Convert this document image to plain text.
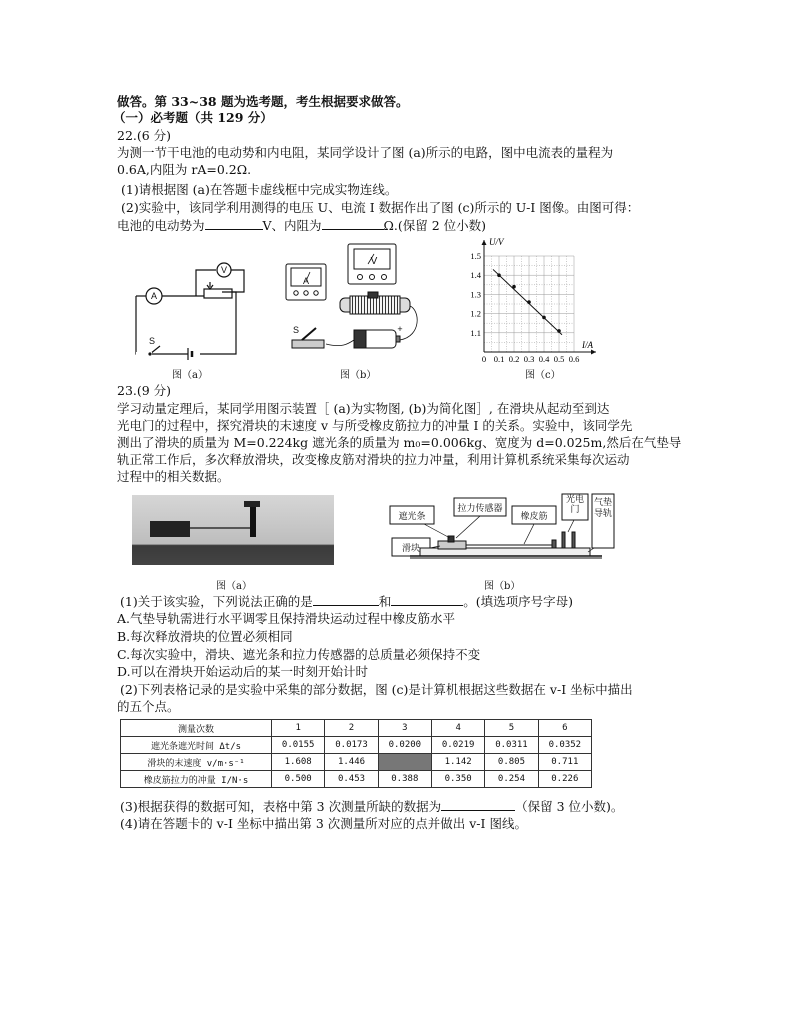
做答。第 33~38 题为选考题，考生根据要求做答。
（一）必考题（共 129 分）
22.(6 分)
为测一节干电池的电动势和内电阻，某同学设计了图 (a)所示的电路，图中电流表的量程为
0.6A,内阻为 rA=0.2Ω.
(1)请根据图 (a)在答题卡虚线框中完成实物连线。
(2)实验中，该同学利用测得的电压 U、电流 I 数据作出了图 (c)所示的 U-I 图像。由图可得：
电池的电动势为	V、内阻为	Ω.(保留 2 位小数)
A
V
S
图（a）
V
A
S	+
图（b）
U/V
I/A
0 0.1 0.2 0.3 0.4 0.5 0.6
1.5
1.4
1.3
1.2
1.1
图（c）
23.(9 分)
学习动量定理后，某同学用图示装置［ (a)为实物图, (b)为简化图］, 在滑块从起动至到达
光电门的过程中，探究滑块的末速度 v 与所受橡皮筋拉力的冲量 I 的关系。实验中，该同学先
测出了滑块的质量为 M=0.224kg 遮光条的质量为 m₀=0.006kg、宽度为 d=0.025m,然后在气垫导
轨正常工作后，多次释放滑块，改变橡皮筋对滑块的拉力冲量，利用计算机系统采集每次运动
过程中的相关数据。
图（a）
遮光条
拉力传感器
橡皮筋
滑块
光电门
气垫导轨
图（b）
(1)关于该实验，下列说法正确的是	和	。(填选项序号字母)
A.气垫导轨需进行水平调零且保持滑块运动过程中橡皮筋水平
B.每次释放滑块的位置必须相同
C.每次实验中，滑块、遮光条和拉力传感器的总质量必须保持不变
D.可以在滑块开始运动后的某一时刻开始计时
(2)下列表格记录的是实验中采集的部分数据，图 (c)是计算机根据这些数据在 v-I 坐标中描出
的五个点。
测量次数	1	2	3	4	5	6
遮光条遮光时间 Δt/s	0.0155	0.0173	0.0200	0.0219	0.0311	0.0352
滑块的末速度 v/m·s⁻¹	1.608	1.446		1.142	0.805	0.711
橡皮筋拉力的冲量 I/N·s	0.500	0.453	0.388	0.350	0.254	0.226
(3)根据获得的数据可知，表格中第 3 次测量所缺的数据为	（保留 3 位小数)。
(4)请在答题卡的 v-I 坐标中描出第 3 次测量所对应的点并做出 v-I 图线。
